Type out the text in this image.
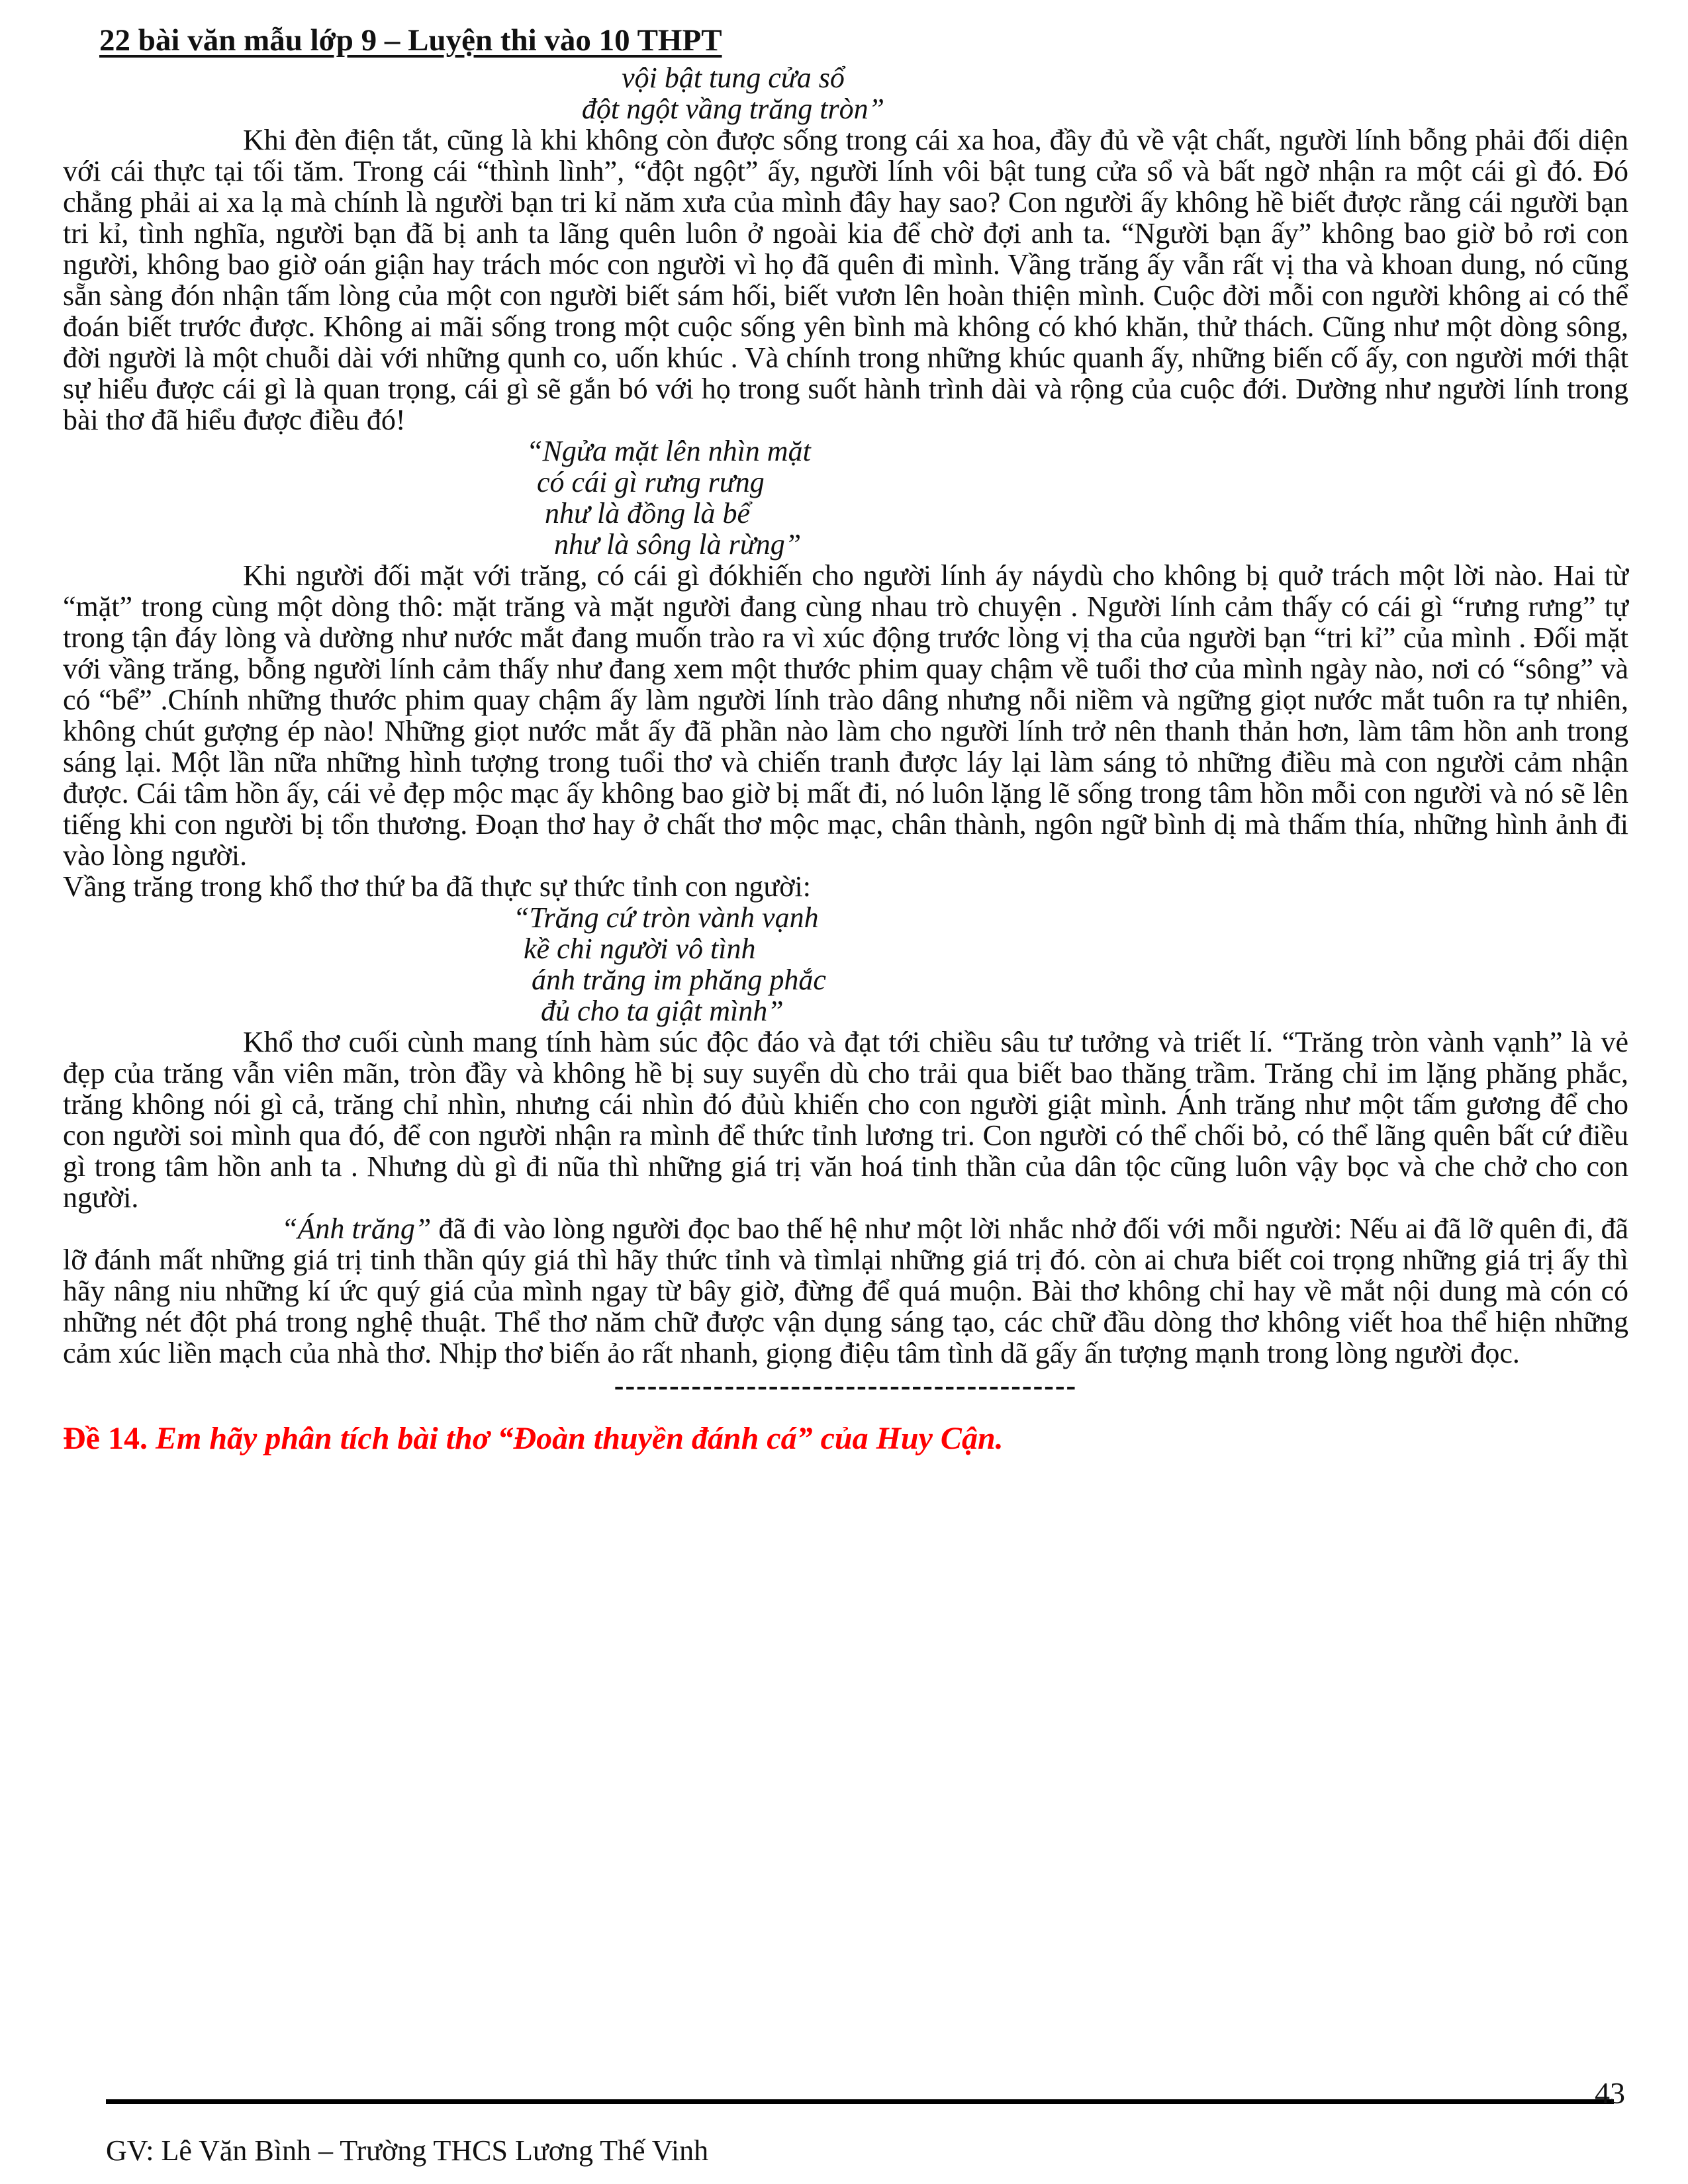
22 bài văn mẫu lớp 9 – Luyện thi vào 10 THPT
vội bật tung cửa sổ
đột ngột vầng trăng tròn”

Khi đèn điện tắt, cũng là khi không còn được sống trong cái xa hoa, đầy đủ về vật chất, người lính bỗng phải đối diện với cái thực tại tối tăm. Trong cái “thình lình”, “đột ngột” ấy, người lính vôi bật tung cửa sổ và bất ngờ nhận ra một cái gì đó. Đó chẳng phải ai xa lạ mà chính là người bạn tri kỉ năm xưa của mình đây hay sao? Con người ấy không hề biết được rằng cái người bạn tri kỉ, tình nghĩa, người bạn đã bị anh ta lãng quên luôn ở ngoài kia để chờ đợi anh ta. “Người bạn ấy” không bao giờ bỏ rơi con người, không bao giờ oán giận hay trách móc con người vì họ đã quên đi mình. Vầng trăng ấy vẫn rất vị tha và khoan dung, nó cũng sẵn sàng đón nhận tấm lòng của một con người biết sám hối, biết vươn lên hoàn thiện mình. Cuộc đời mỗi con người không ai có thể đoán biết trước được. Không ai mãi sống trong một cuộc sống yên bình mà không có khó khăn, thử thách. Cũng như một dòng sông, đời người là một chuỗi dài với những qunh co, uốn khúc . Và chính trong những khúc quanh ấy, những biến cố ấy, con người mới thật sự hiểu được cái gì là quan trọng, cái gì sẽ gắn bó với họ trong suốt hành trình dài và rộng của cuộc đới. Dường như người lính trong bài thơ đã hiểu được điều đó!

“Ngửa mặt lên nhìn mặt
có cái gì rưng rưng
như là đồng là bể
như là sông là rừng”

Khi người đối mặt với trăng, có cái gì đókhiến cho người lính áy náydù cho không bị quở trách một lời nào. Hai từ “mặt” trong cùng một dòng thô: mặt trăng và mặt người đang cùng nhau trò chuyện . Người lính cảm thấy có cái gì “rưng rưng” tự trong tận đáy lòng và dường như nước mắt đang muốn trào ra vì xúc động trước lòng vị tha của người bạn “tri kỉ” của mình . Đối mặt với vầng trăng, bỗng người lính cảm thấy như đang xem một thước phim quay chậm về tuổi thơ của mình ngày nào, nơi có “sông” và có “bể” .Chính những thước phim quay chậm ấy làm người lính trào dâng nhưng nỗi niềm và ngững giọt nước mắt tuôn ra tự nhiên, không chút gượng ép nào! Những giọt nước mắt ấy đã phần nào làm cho người lính trở nên thanh thản hơn, làm tâm hồn anh trong sáng lại. Một lần nữa những hình tượng trong tuổi thơ và chiến tranh được láy lại làm sáng tỏ những điều mà con người cảm nhận được. Cái tâm hồn ấy, cái vẻ đẹp mộc mạc ấy không bao giờ bị mất đi, nó luôn lặng lẽ sống trong tâm hồn mỗi con người và nó sẽ lên tiếng khi con người bị tổn thương. Đoạn thơ hay ở chất thơ mộc mạc, chân thành, ngôn ngữ bình dị mà thấm thía, những hình ảnh đi vào lòng người.

Vầng trăng trong khổ thơ thứ ba đã thực sự thức tỉnh con người:

“Trăng cứ tròn vành vạnh
kề chi người vô tình
ánh trăng im phăng phắc
đủ cho ta giật mình”

Khổ thơ cuối cùnh mang tính hàm súc độc đáo và đạt tới chiều sâu tư tưởng và triết lí. “Trăng tròn vành vạnh” là vẻ đẹp của trăng vẫn viên mãn, tròn đầy và không hề bị suy suyển dù cho trải qua biết bao thăng trầm. Trăng chỉ im lặng phăng phắc, trăng không nói gì cả, trăng chỉ nhìn, nhưng cái nhìn đó đủù khiến cho con người giật mình. Ánh trăng như một tấm gương để cho con người soi mình qua đó, để con người nhận ra mình để thức tỉnh lương tri. Con người có thể chối bỏ, có thể lãng quên bất cứ điều gì trong tâm hồn anh ta . Nhưng dù gì đi nũa thì những giá trị văn hoá tinh thần của dân tộc cũng luôn vậy bọc và che chở cho con người.

“Ánh trăng” đã đi vào lòng người đọc bao thế hệ như một lời nhắc nhở đối với mỗi người: Nếu ai đã lỡ quên đi, đã lỡ đánh mất những giá trị tinh thần qúy giá thì hãy thức tỉnh và tìmlại những giá trị đó. còn ai chưa biết coi trọng những giá trị ấy thì hãy nâng niu những kí ức quý giá của mình ngay từ bây giờ, đừng để quá muộn. Bài thơ không chỉ hay về mắt nội dung mà cón có những nét đột phá trong nghệ thuật. Thể thơ năm chữ được vận dụng sáng tạo, các chữ đầu dòng thơ không viết hoa thể hiện những cảm xúc liền mạch của nhà thơ. Nhịp thơ biến ảo rất nhanh, giọng điệu tâm tình dã gấy ấn tượng mạnh trong lòng người đọc.

------------------------------------------

Đề 14. Em hãy phân tích bài thơ “Đoàn thuyền đánh cá” của Huy Cận.

43
GV: Lê Văn Bình – Trường THCS Lương Thế Vinh
